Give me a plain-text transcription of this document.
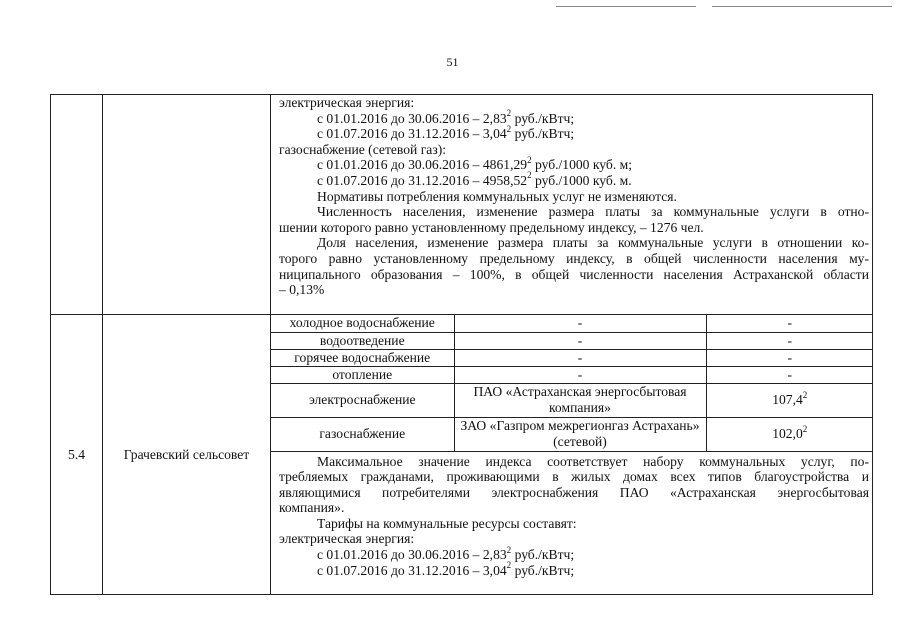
51

электрическая энергия:
с 01.01.2016 до 30.06.2016 – 2,83$^2$ руб./кВтч;
с 01.07.2016 до 31.12.2016 – 3,04$^2$ руб./кВтч;
газоснабжение (сетевой газ):
с 01.01.2016 до 30.06.2016 – 4861,29$^2$ руб./1000 куб. м;
с 01.07.2016 до 31.12.2016 – 4958,52$^2$ руб./1000 куб. м.
Нормативы потребления коммунальных услуг не изменяются.
Численность населения, изменение размера платы за коммунальные услуги в отно-
шении которого равно установленному предельному индексу, – 1276 чел.
Доля населения, изменение размера платы за коммунальные услуги в отношении ко-
торого равно установленному предельному индексу, в общей численности населения му-
ниципального образования – 100%, в общей численности населения Астраханской области
– 0,13%

5.4	Грачевский сельсовет	
холодное водоснабжение	-	-
водоотведение	-	-
горячее водоснабжение	-	-
отопление	-	-
электроснабжение	ПАО «Астраханская энергосбытовая компания»	107,4$^2$
газоснабжение	ЗАО «Газпром межрегионгаз Астрахань» (сетевой)	102,0$^2$
Максимальное значение индекса соответствует набору коммунальных услуг, по-
требляемых гражданами, проживающими в жилых домах всех типов благоустройства и
являющимися потребителями электроснабжения ПАО «Астраханская энергосбытовая
компания».
Тарифы на коммунальные ресурсы составят:
электрическая энергия:
с 01.01.2016 до 30.06.2016 – 2,83$^2$ руб./кВтч;
с 01.07.2016 до 31.12.2016 – 3,04$^2$ руб./кВтч;
